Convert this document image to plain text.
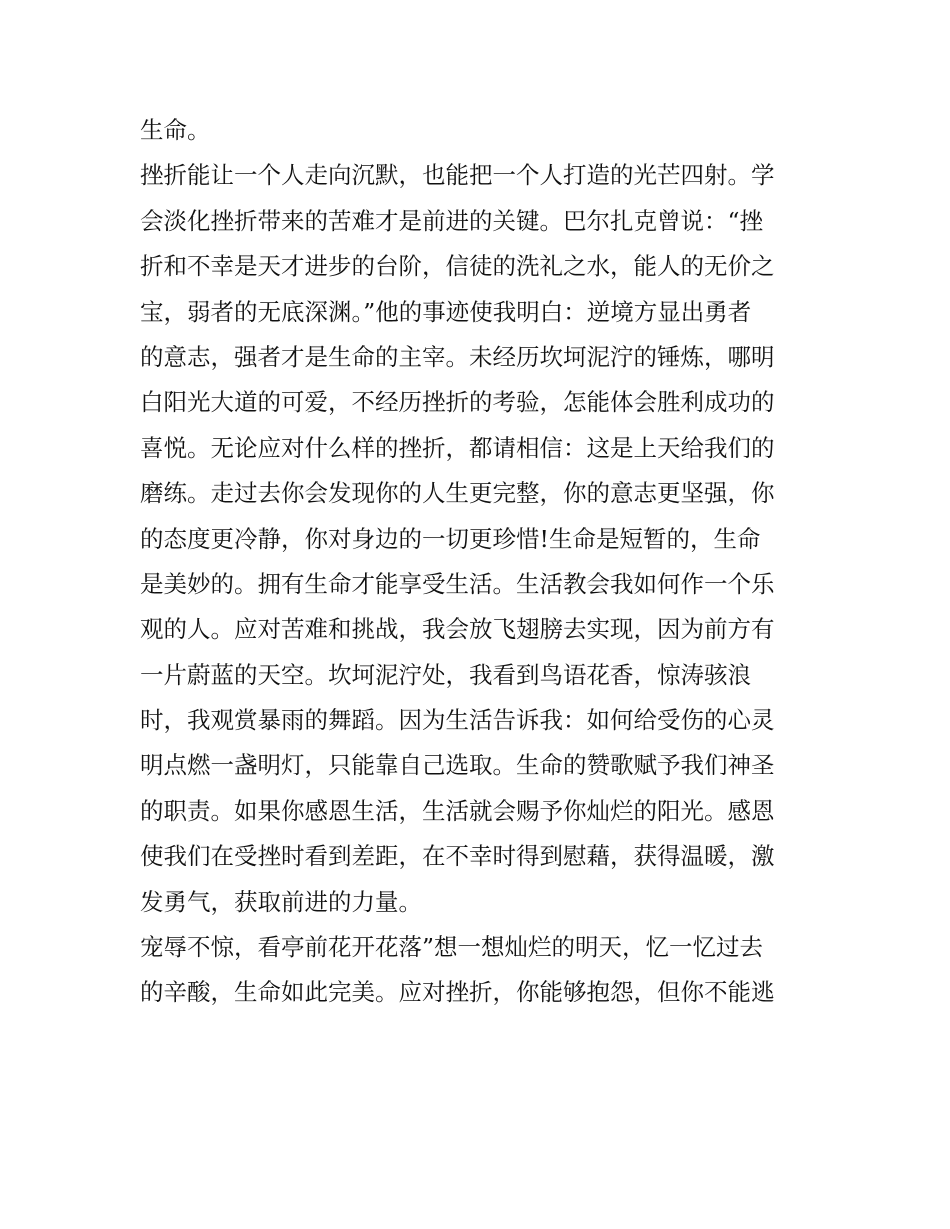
生命。
挫折能让一个人走向沉默，也能把一个人打造的光芒四射。学
会淡化挫折带来的苦难才是前进的关键。巴尔扎克曾说：“挫
折和不幸是天才进步的台阶，信徒的洗礼之水，能人的无价之
宝，弱者的无底深渊。”他的事迹使我明白：逆境方显出勇者
的意志，强者才是生命的主宰。未经历坎坷泥泞的锤炼，哪明
白阳光大道的可爱，不经历挫折的考验，怎能体会胜利成功的
喜悦。无论应对什么样的挫折，都请相信：这是上天给我们的
磨练。走过去你会发现你的人生更完整，你的意志更坚强，你
的态度更冷静，你对身边的一切更珍惜!生命是短暂的，生命
是美妙的。拥有生命才能享受生活。生活教会我如何作一个乐
观的人。应对苦难和挑战，我会放飞翅膀去实现，因为前方有
一片蔚蓝的天空。坎坷泥泞处，我看到鸟语花香，惊涛骇浪
时，我观赏暴雨的舞蹈。因为生活告诉我：如何给受伤的心灵
明点燃一盏明灯，只能靠自己选取。生命的赞歌赋予我们神圣
的职责。如果你感恩生活，生活就会赐予你灿烂的阳光。感恩
使我们在受挫时看到差距，在不幸时得到慰藉，获得温暖，激
发勇气，获取前进的力量。
宠辱不惊，看亭前花开花落”想一想灿烂的明天，忆一忆过去
的辛酸，生命如此完美。应对挫折，你能够抱怨，但你不能逃
